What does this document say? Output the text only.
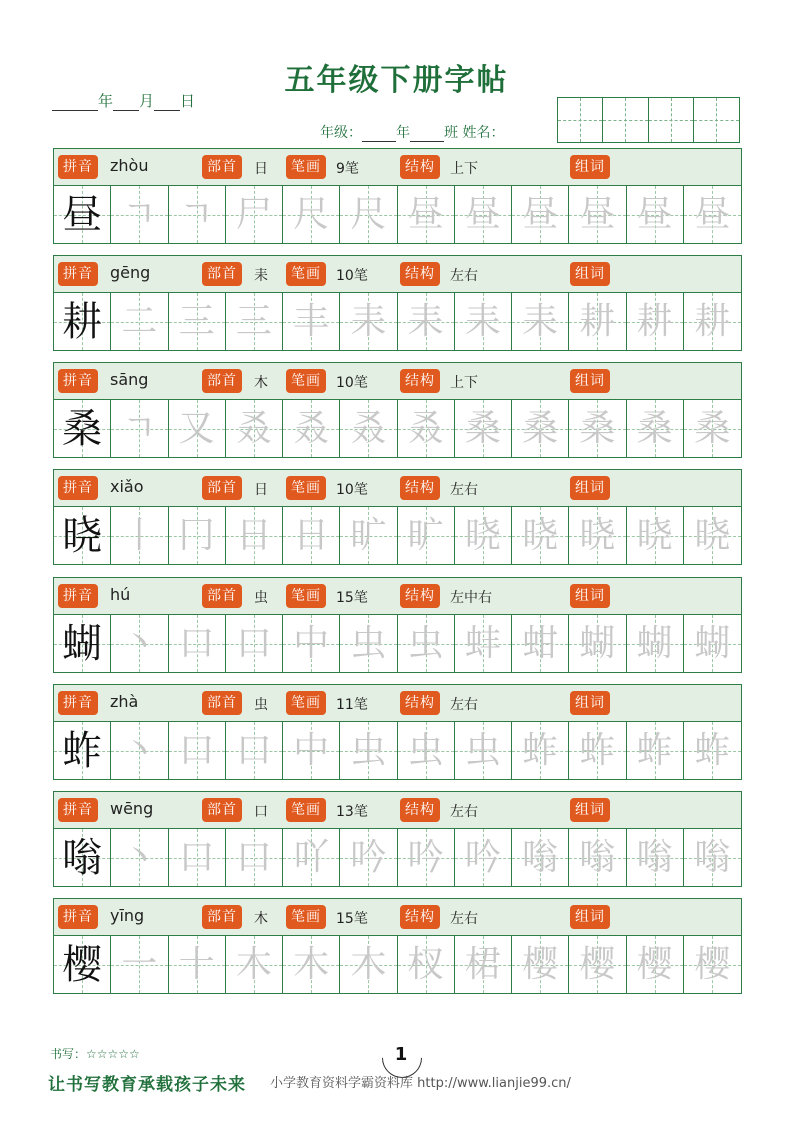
五年级下册字帖
年 月 日
年级： 年 班 姓名：
拼音	zhòu	部首	日	笔画	9笔	结构	上下	组词
昼 ㄱ ㄱ 尸 尺 尺 昼 昼 昼 昼 昼 昼
拼音	gēng	部首	耒	笔画	10笔	结构	左右	组词
耕 二 三 三 丰 耒 耒 耒 耒 耕 耕 耕
拼音	sāng	部首	木	笔画	10笔	结构	上下	组词
桑 ㄱ 又 叒 叒 叒 叒 桑 桑 桑 桑 桑
拼音	xiǎo	部首	日	笔画	10笔	结构	左右	组词
晓 丨 冂 日 日 旷 旷 晓 晓 晓 晓 晓
拼音	hú	部首	虫	笔画	15笔	结构	左中右	组词
蝴 丶 口 口 中 虫 虫 蚌 蚶 蝴 蝴 蝴
拼音	zhà	部首	虫	笔画	11笔	结构	左右	组词
蚱 丶 口 口 中 虫 虫 虫 蚱 蚱 蚱 蚱
拼音	wēng	部首	口	笔画	13笔	结构	左右	组词
嗡 丶 口 口 吖 吟 吟 吟 嗡 嗡 嗡 嗡
拼音	yīng	部首	木	笔画	15笔	结构	左右	组词
樱 一 十 木 木 木 杈 桾 樱 樱 樱 樱
书写：☆☆☆☆☆
让书写教育承载孩子未来
1
小学教育资料学霸资料库 http://www.lianjie99.cn/
